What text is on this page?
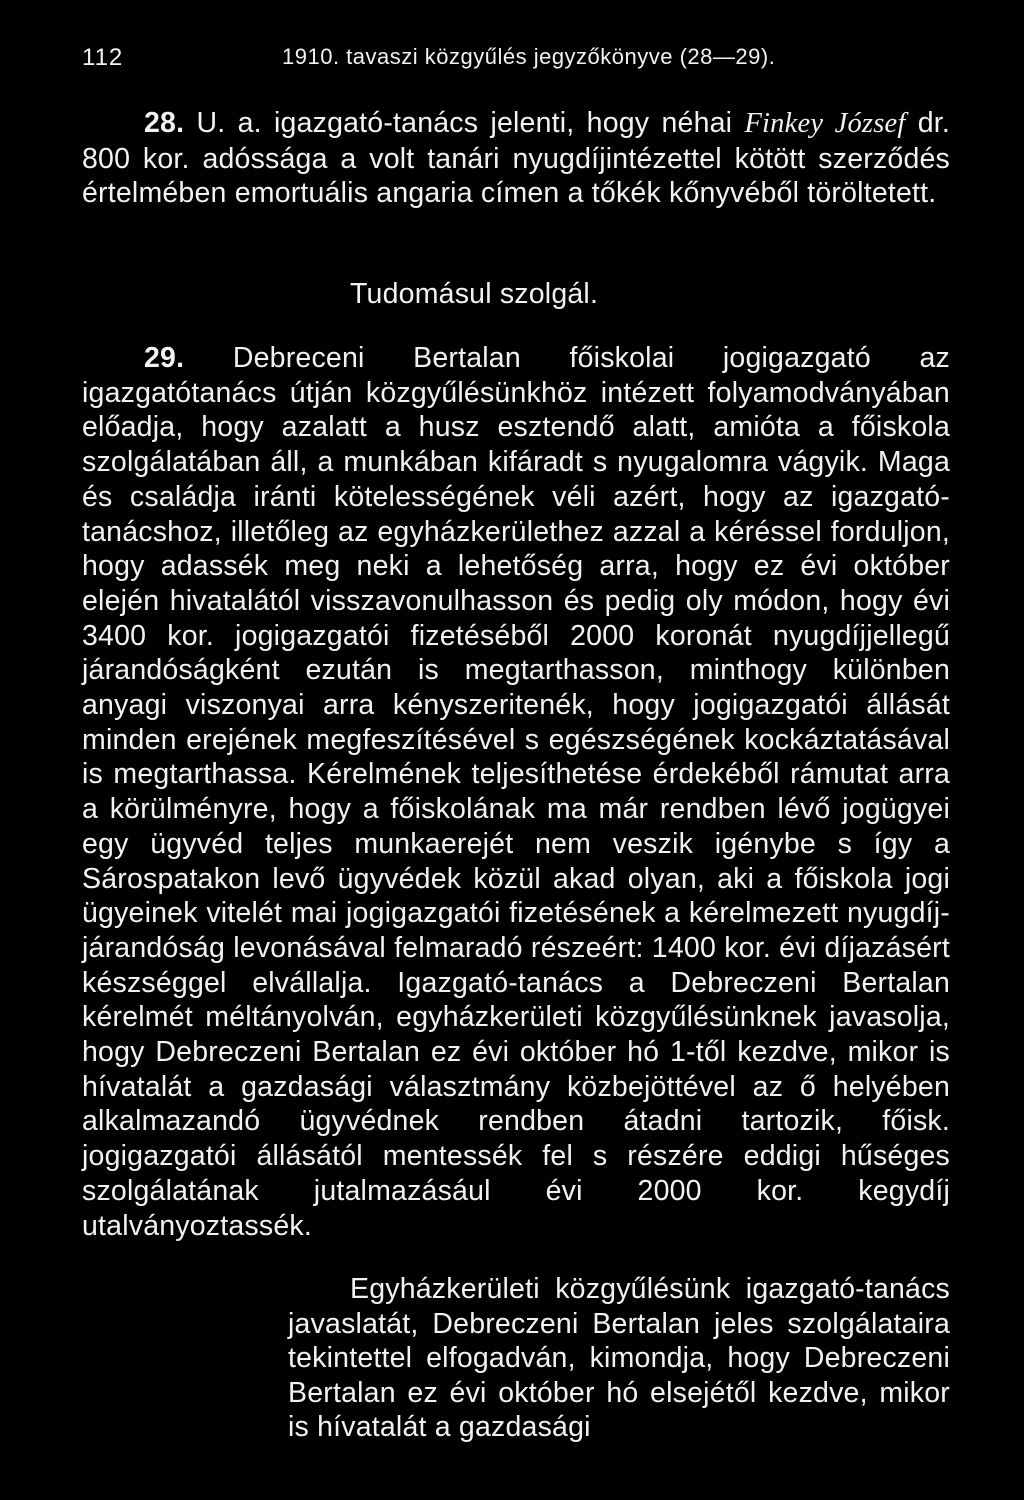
112	1910. tavaszi közgyűlés jegyzőkönyve (28—29).

28. U. a. igazgató-tanács jelenti, hogy néhai Finkey József dr. 800 kor. adóssága a volt tanári nyugdíjintézettel kötött szerződés értelmében emortuális angaria címen a tőkék kőnyvéből töröltetett.

Tudomásul szolgál.

29. Debreceni Bertalan főiskolai jogigazgató az igazgatótanács útján közgyűlésünkhöz intézett folyamodványában előadja, hogy azalatt a husz esztendő alatt, amióta a főiskola szolgálatában áll, a munkában kifáradt s nyugalomra vágyik. Maga és családja iránti kötelességének véli azért, hogy az igazgató-tanácshoz, illetőleg az egyházkerülethez azzal a kéréssel forduljon, hogy adassék meg neki a lehetőség arra, hogy ez évi október elején hivatalától visszavonulhasson és pedig oly módon, hogy évi 3400 kor. jogigazgatói fizetéséből 2000 koronát nyugdíjjellegű járandóságként ezután is megtarthasson, minthogy különben anyagi viszonyai arra kényszeritenék, hogy jogigazgatói állását minden erejének megfeszítésével s egészségének kockáztatásával is megtarthassa. Kérelmének teljesíthetése érdekéből rámutat arra a körülményre, hogy a főiskolának ma már rendben lévő jogügyei egy ügyvéd teljes munkaerejét nem veszik igénybe s így a Sárospatakon levő ügyvédek közül akad olyan, aki a főiskola jogi ügyeinek vitelét mai jogigazgatói fizetésének a kérelmezett nyugdíj-járandóság levonásával felmaradó részeért: 1400 kor. évi díjazásért készséggel elvállalja. Igazgató-tanács a Debreczeni Bertalan kérelmét méltányolván, egyházkerületi közgyűlésünknek javasolja, hogy Debreczeni Bertalan ez évi október hó 1-től kezdve, mikor is hívatalát a gazdasági választmány közbejöttével az ő helyében alkalmazandó ügyvédnek rendben átadni tartozik, főisk. jogigazgatói állásától mentessék fel s részére eddigi hűséges szolgálatának jutalmazásául évi 2000 kor. kegydíj utalványoztassék.

Egyházkerületi közgyűlésünk igazgató-tanács javaslatát, Debreczeni Bertalan jeles szolgálataira tekintettel elfogadván, kimondja, hogy Debreczeni Bertalan ez évi október hó elsejétől kezdve, mikor is hívatalát a gazdasági
